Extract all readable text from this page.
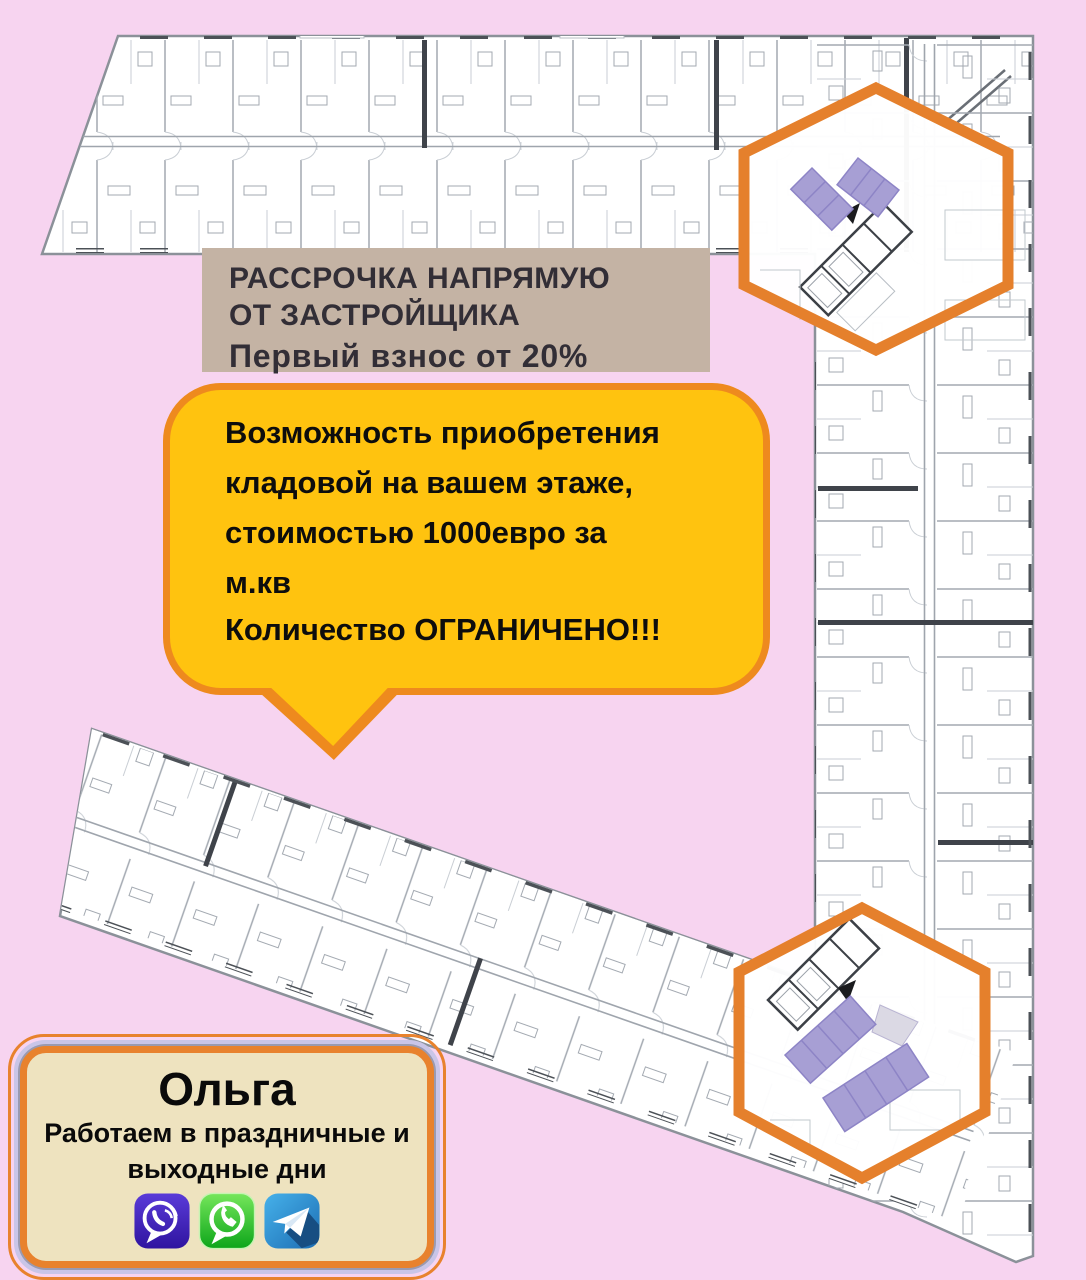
РАССРОЧКА НАПРЯМУЮ
ОТ ЗАСТРОЙЩИКА
Первый взнос от 20%
Возможность приобретения
кладовой на вашем этаже,
стоимостью 1000евро за
м.кв
Количество ОГРАНИЧЕНО!!!
Ольга
Работаем в праздничные и
выходные дни
